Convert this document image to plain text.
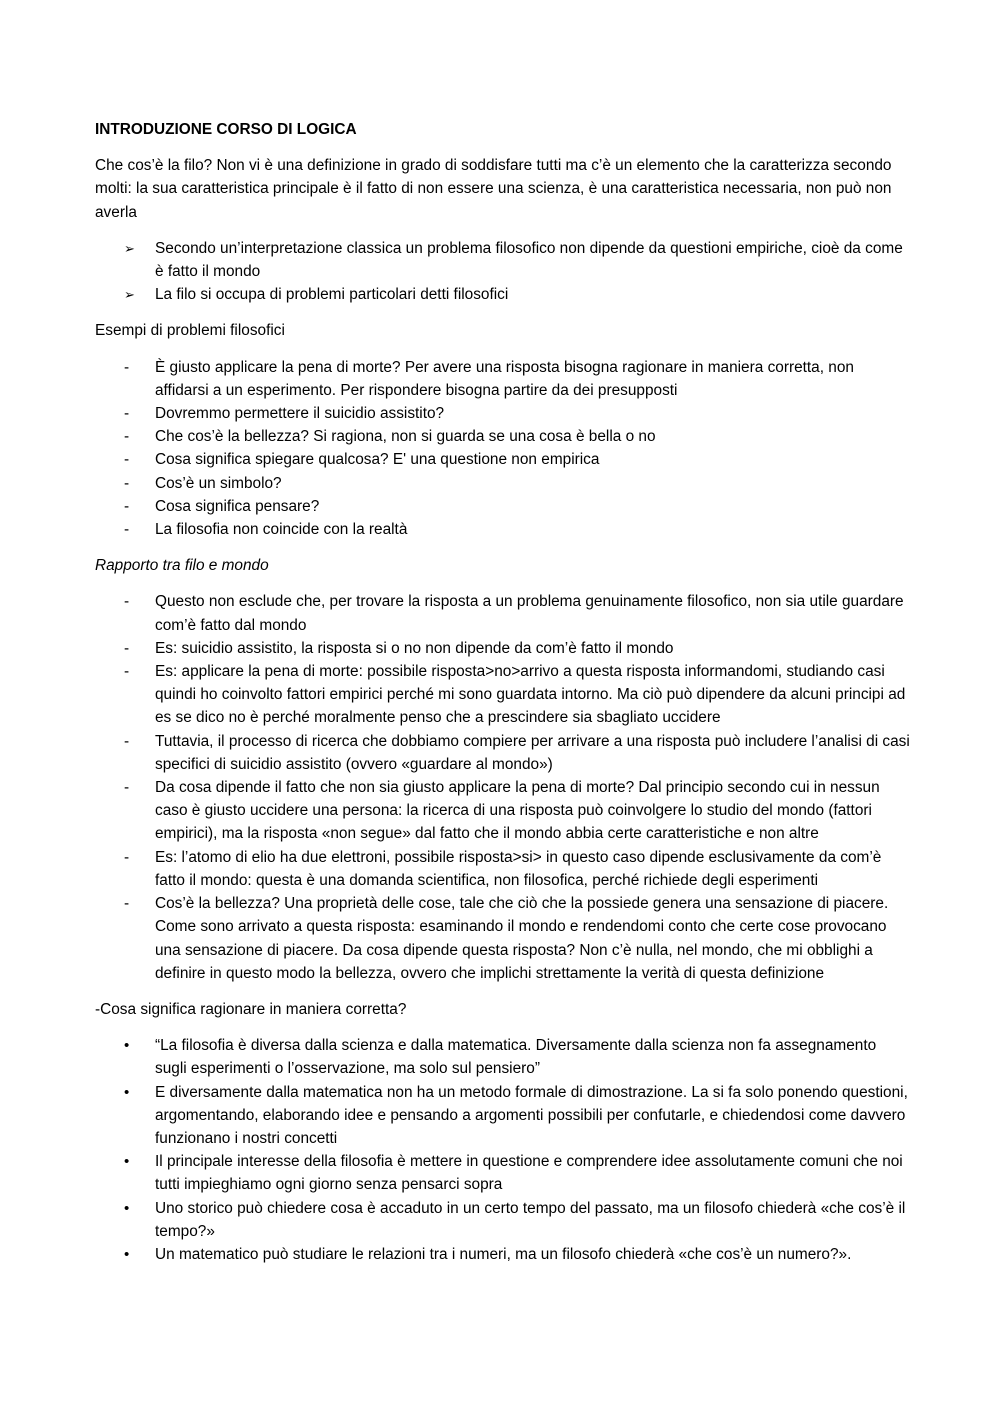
INTRODUZIONE CORSO DI LOGICA
Che cos’è la filo? Non vi è una definizione in grado di soddisfare tutti ma c’è un elemento che la caratterizza secondo molti: la sua caratteristica principale è il fatto di non essere una scienza, è una caratteristica necessaria, non può non averla
➢	Secondo un’interpretazione classica un problema filosofico non dipende da questioni empiriche, cioè da come è fatto il mondo
➢	La filo si occupa di problemi particolari detti filosofici
Esempi di problemi filosofici
-	È giusto applicare la pena di morte? Per avere una risposta bisogna ragionare in maniera corretta, non affidarsi a un esperimento. Per rispondere bisogna partire da dei presupposti
-	Dovremmo permettere il suicidio assistito?
-	Che cos’è la bellezza? Si ragiona, non si guarda se una cosa è bella o no
-	Cosa significa spiegare qualcosa? E' una questione non empirica
-	Cos’è un simbolo?
-	Cosa significa pensare?
-	La filosofia non coincide con la realtà
Rapporto tra filo e mondo
-	Questo non esclude che, per trovare la risposta a un problema genuinamente filosofico, non sia utile guardare com’è fatto dal mondo
-	Es: suicidio assistito, la risposta si o no non dipende da com’è fatto il mondo
-	Es: applicare la pena di morte: possibile risposta>no>arrivo a questa risposta informandomi, studiando casi quindi ho coinvolto fattori empirici perché mi sono guardata intorno. Ma ciò può dipendere da alcuni principi ad es se dico no è perché moralmente penso che a prescindere sia sbagliato uccidere
-	Tuttavia, il processo di ricerca che dobbiamo compiere per arrivare a una risposta può includere l’analisi di casi specifici di suicidio assistito (ovvero «guardare al mondo»)
-	Da cosa dipende il fatto che non sia giusto applicare la pena di morte? Dal principio secondo cui in nessun caso è giusto uccidere una persona: la ricerca di una risposta può coinvolgere lo studio del mondo (fattori empirici), ma la risposta «non segue» dal fatto che il mondo abbia certe caratteristiche e non altre
-	Es: l’atomo di elio ha due elettroni, possibile risposta>si> in questo caso dipende esclusivamente da com’è fatto il mondo: questa è una domanda scientifica, non filosofica, perché richiede degli esperimenti
-	Cos’è la bellezza? Una proprietà delle cose, tale che ciò che la possiede genera una sensazione di piacere. Come sono arrivato a questa risposta: esaminando il mondo e rendendomi conto che certe cose provocano una sensazione di piacere. Da cosa dipende questa risposta? Non c’è nulla, nel mondo, che mi obblighi a definire in questo modo la bellezza, ovvero che implichi strettamente la verità di questa definizione
-Cosa significa ragionare in maniera corretta?
•	“La filosofia è diversa dalla scienza e dalla matematica. Diversamente dalla scienza non fa assegnamento sugli esperimenti o l’osservazione, ma solo sul pensiero”
•	E diversamente dalla matematica non ha un metodo formale di dimostrazione. La si fa solo ponendo questioni, argomentando, elaborando idee e pensando a argomenti possibili per confutarle, e chiedendosi come davvero funzionano i nostri concetti
•	Il principale interesse della filosofia è mettere in questione e comprendere idee assolutamente comuni che noi tutti impieghiamo ogni giorno senza pensarci sopra
•	Uno storico può chiedere cosa è accaduto in un certo tempo del passato, ma un filosofo chiederà «che cos’è il tempo?»
•	Un matematico può studiare le relazioni tra i numeri, ma un filosofo chiederà «che cos’è un numero?».
